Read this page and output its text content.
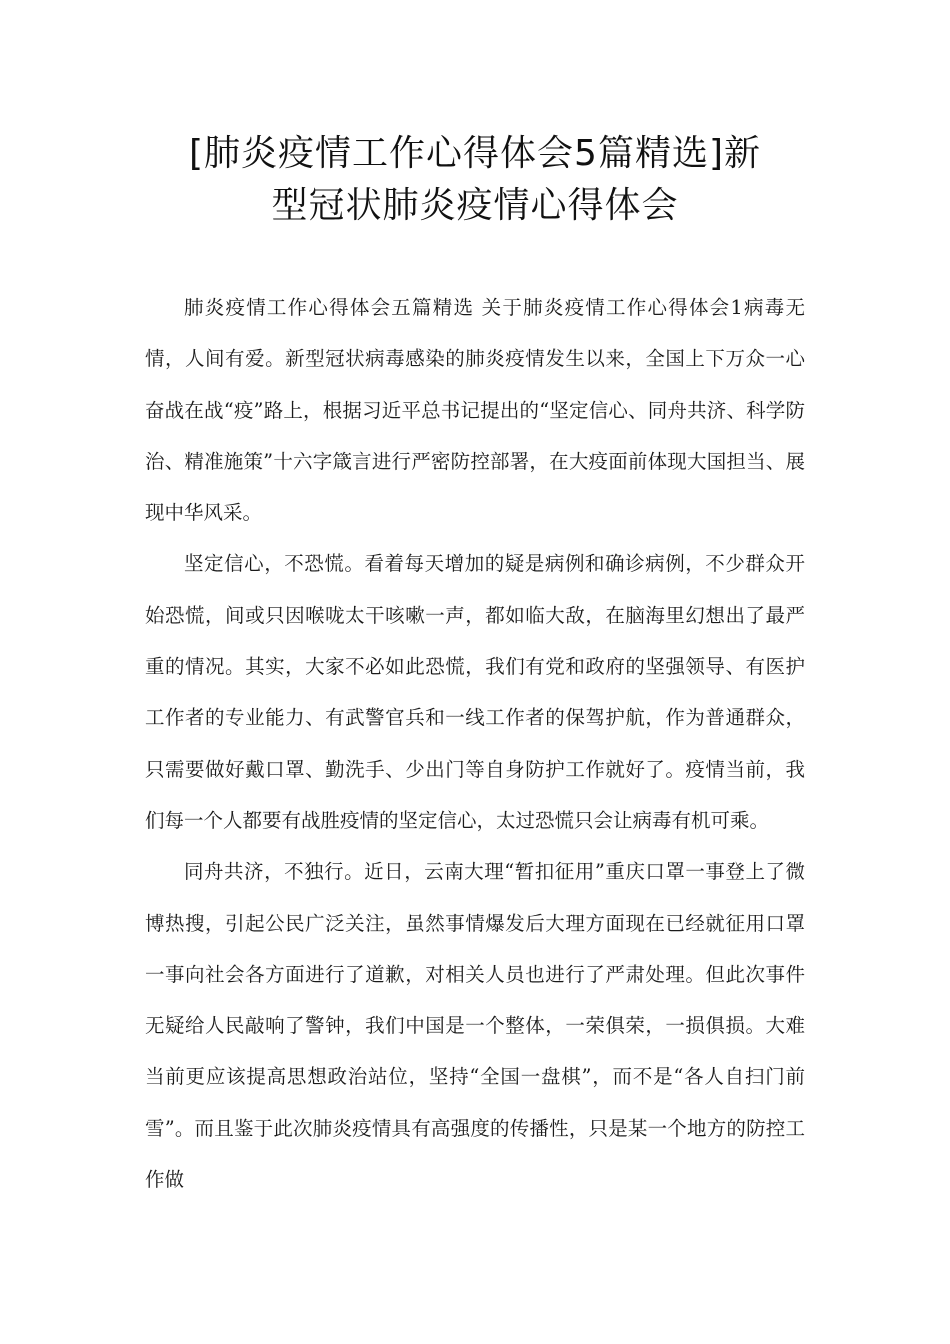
[肺炎疫情工作心得体会5篇精选]新
型冠状肺炎疫情心得体会

肺炎疫情工作心得体会五篇精选 关于肺炎疫情工作心得体会1病毒无情，人间有爱。新型冠状病毒感染的肺炎疫情发生以来，全国上下万众一心奋战在战“疫”路上，根据习近平总书记提出的“坚定信心、同舟共济、科学防治、精准施策”十六字箴言进行严密防控部署，在大疫面前体现大国担当、展现中华风采。

坚定信心，不恐慌。看着每天增加的疑是病例和确诊病例，不少群众开始恐慌，间或只因喉咙太干咳嗽一声，都如临大敌，在脑海里幻想出了最严重的情况。其实，大家不必如此恐慌，我们有党和政府的坚强领导、有医护工作者的专业能力、有武警官兵和一线工作者的保驾护航，作为普通群众，只需要做好戴口罩、勤洗手、少出门等自身防护工作就好了。疫情当前，我们每一个人都要有战胜疫情的坚定信心，太过恐慌只会让病毒有机可乘。

同舟共济，不独行。近日，云南大理“暂扣征用”重庆口罩一事登上了微博热搜，引起公民广泛关注，虽然事情爆发后大理方面现在已经就征用口罩一事向社会各方面进行了道歉，对相关人员也进行了严肃处理。但此次事件无疑给人民敲响了警钟，我们中国是一个整体，一荣俱荣，一损俱损。大难当前更应该提高思想政治站位，坚持“全国一盘棋”，而不是“各人自扫门前雪”。而且鉴于此次肺炎疫情具有高强度的传播性，只是某一个地方的防控工作做
